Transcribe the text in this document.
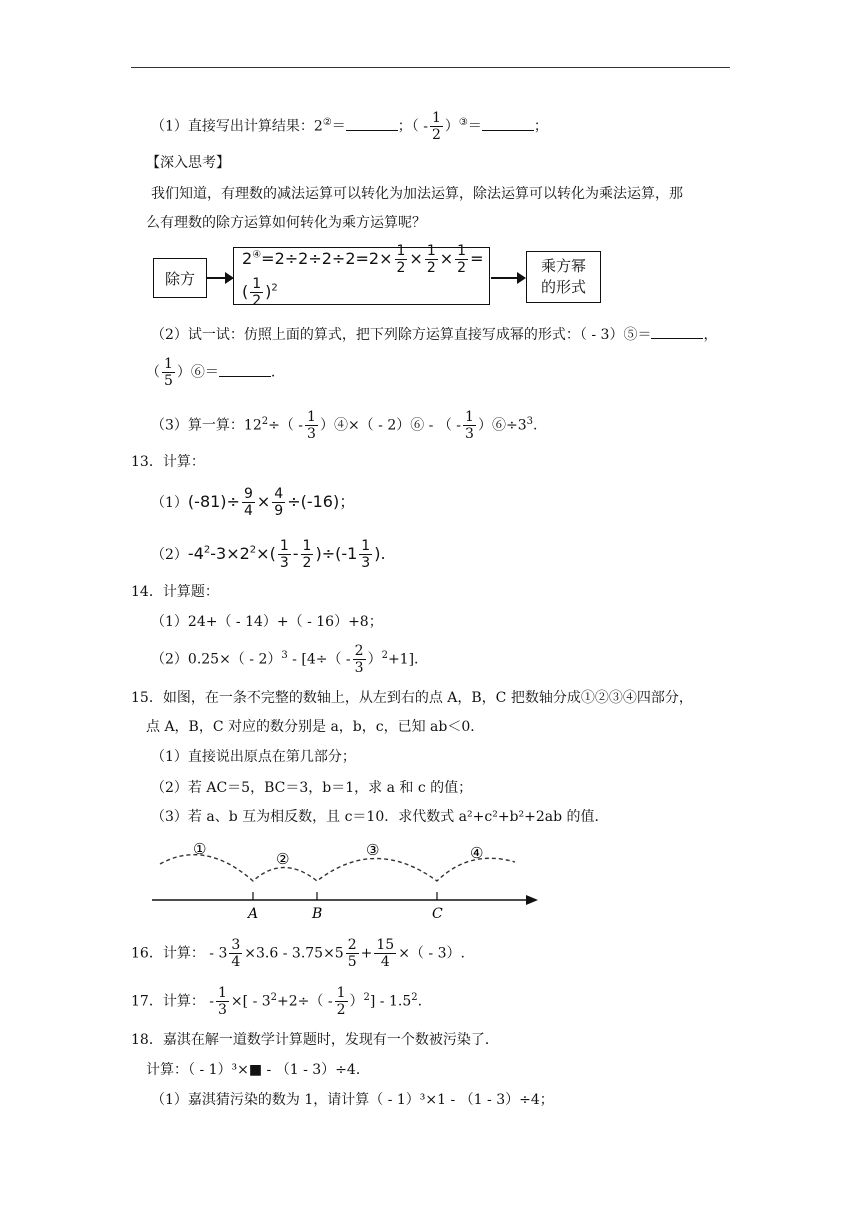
（1）直接写出计算结果：2②＝	；（ - $\frac{1}{2} )^③=$	；
【深入思考】
我们知道，有理数的减法运算可以转化为加法运算，除法运算可以转化为乘法运算，那
么有理数的除方运算如何转化为乘方运算呢？
除方
$2^④=2\div 2\div 2\div 2=2\times \frac{1}{2} \times \frac{1}{2} \times \frac{1}{2}$ =( $\frac{1}{2} )^2$
乘方幂
的形式
（2）试一试：仿照上面的算式，把下列除方运算直接写成幂的形式：（ - 3）⑤＝	，
（ $\frac{1}{5}$ ）⑥＝	.
（3）算一算：$12^2\div( - \frac{1}{3}$ ）④×（ - 2）⑥ - （ - $\frac{1}{3}$ ）$⑥\div 3^3$.
13．计算：
$(1)(-81)\div \frac{9}{4} \times \frac{4}{9} \div(-16)$；
$(2)-4^2-3\times 2^2\times( \frac{1}{3} - \frac{1}{2} )\div(-1 \frac{1}{3}$ ).
14．计算题：
（1）24+（ - 14）+（ - 16）+8；
$(2)0.25\times( - 2)^3 - [4\div( - \frac{2}{3} )^2+1]$.
15．如图，在一条不完整的数轴上，从左到右的点 A，B，C 把数轴分成①②③④四部分，
点 A，B，C 对应的数分别是 a，b，c，已知 ab＜0．
（1）直接说出原点在第几部分；
（2）若 AC＝5，BC＝3，b＝1，求 a 和 c 的值；
（3）若 a、b 互为相反数，且 c＝10．求代数式 a²+c²+b²+2ab 的值．
A	B	C
①
②	③	④
16．计算： - $3 \frac{3}{4} \times 3.6 - 3.75\times 5 \frac{2}{5} + \frac{15}{4}$ ×（ - 3）.
17．计算： - $\frac{1}{3}$ ×[ - $3^2+2\div( - \frac{1}{2} )^2] - 1.5^2$.
18．嘉淇在解一道数学计算题时，发现有一个数被污染了．
计算：（ - 1）³×■ - （1 - 3）÷4．
（1）嘉淇猜污染的数为 1，请计算（ - 1）³×1 - （1 - 3）÷4；
